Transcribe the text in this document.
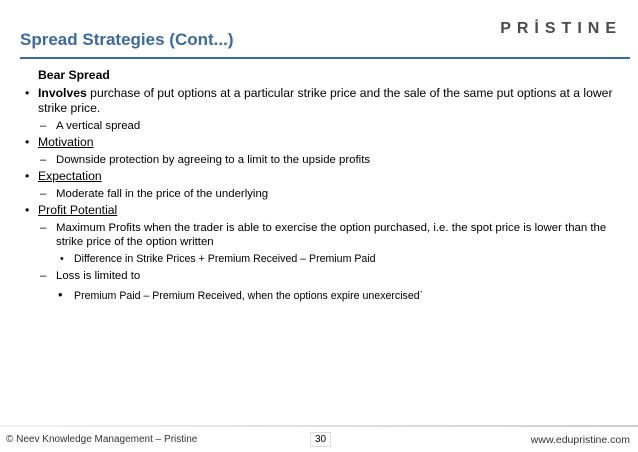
Spread Strategies (Cont...)
PRİSTINE
Bear Spread
• Involves purchase of put options at a particular strike price and the sale of the same put options at a lower strike price.
– A vertical spread
• Motivation
– Downside protection by agreeing to a limit to the upside profits
• Expectation
– Moderate fall in the price of the underlying
• Profit Potential
– Maximum Profits when the trader is able to exercise the option purchased, i.e. the spot price is lower than the strike price of the option written
• Difference in Strike Prices + Premium Received – Premium Paid
– Loss is limited to
• Premium Paid – Premium Received, when the options expire unexercised`
© Neev Knowledge Management – Pristine	30	www.edupristine.com
